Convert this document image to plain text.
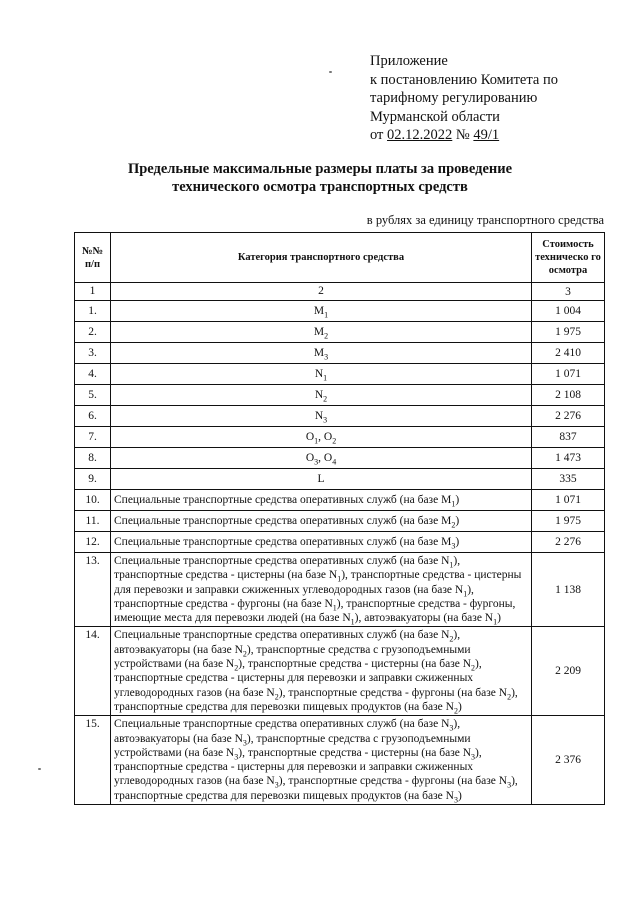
Приложение
к постановлению Комитета по
тарифному регулированию
Мурманской области
от 02.12.2022 № 49/1
Предельные максимальные размеры платы за проведение
технического осмотра транспортных средств
в рублях за единицу транспортного средства
№№ п/п	Категория транспортного средства	Стоимость техническо го осмотра
1	2	3
1.	$M_1$	1 004
2.	$M_2$	1 975
3.	$M_3$	2 410
4.	$N_1$	1 071
5.	$N_2$	2 108
6.	$N_3$	2 276
7.	$O_1$, $O_2$	837
8.	$O_3$, $O_4$	1 473
9.	L	335
10.	Специальные транспортные средства оперативных служб (на базе $M_1$)	1 071
11.	Специальные транспортные средства оперативных служб (на базе $M_2$)	1 975
12.	Специальные транспортные средства оперативных служб (на базе $M_3$)	2 276
13.	Специальные транспортные средства оперативных служб (на базе $N_1$), транспортные средства - цистерны (на базе $N_1$), транспортные средства - цистерны для перевозки и заправки сжиженных углеводородных газов (на базе $N_1$), транспортные средства - фургоны (на базе $N_1$), транспортные средства - фургоны, имеющие места для перевозки людей (на базе $N_1$), автоэвакуаторы (на базе $N_1$)	1 138
14.	Специальные транспортные средства оперативных служб (на базе $N_2$), автоэвакуаторы (на базе $N_2$), транспортные средства с грузоподъемными устройствами (на базе $N_2$), транспортные средства - цистерны (на базе $N_2$), транспортные средства - цистерны для перевозки и заправки сжиженных углеводородных газов (на базе $N_2$), транспортные средства - фургоны (на базе $N_2$), транспортные средства для перевозки пищевых продуктов (на базе $N_2$)	2 209
15.	Специальные транспортные средства оперативных служб (на базе $N_3$), автоэвакуаторы (на базе $N_3$), транспортные средства с грузоподъемными устройствами (на базе $N_3$), транспортные средства - цистерны (на базе $N_3$), транспортные средства - цистерны для перевозки и заправки сжиженных углеводородных газов (на базе $N_3$), транспортные средства - фургоны (на базе $N_3$), транспортные средства для перевозки пищевых продуктов (на базе $N_3$)	2 376
